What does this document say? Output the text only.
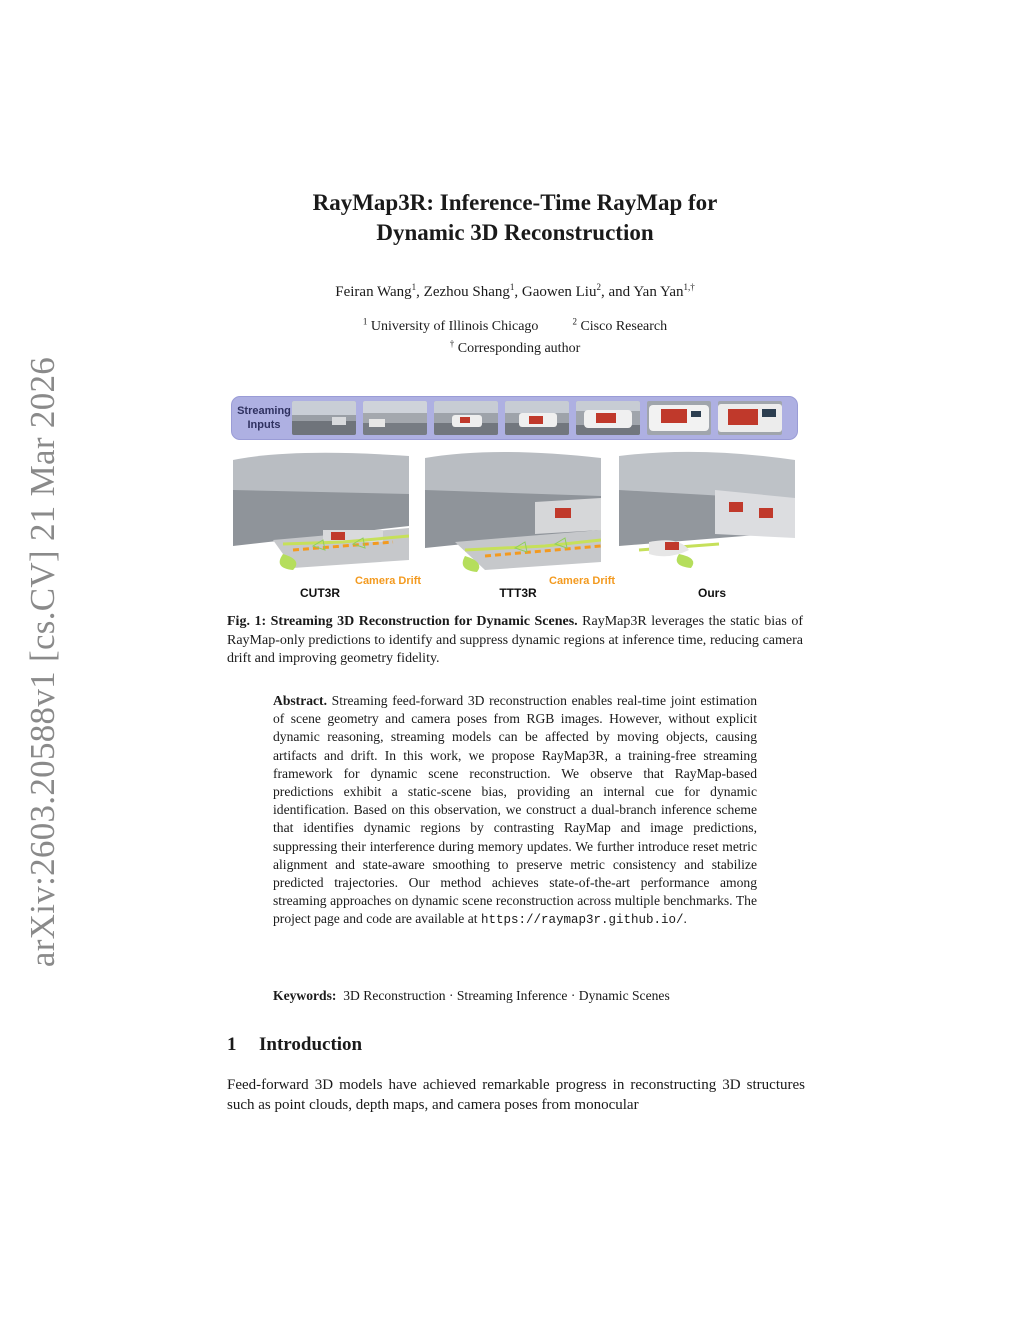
arXiv:2603.20588v1 [cs.CV] 21 Mar 2026
RayMap3R: Inference-Time RayMap for
Dynamic 3D Reconstruction
Feiran Wang$^1$, Zezhou Shang$^1$, Gaowen Liu$^2$, and Yan Yan$^{1,\dagger}$
$^1$ University of Illinois Chicago	$^2$ Cisco Research
† Corresponding author
Streaming
Inputs
Camera Drift	Camera Drift
CUT3R	TTT3R	Ours
Fig. 1: Streaming 3D Reconstruction for Dynamic Scenes. RayMap3R leverages the static bias of RayMap-only predictions to identify and suppress dynamic regions at inference time, reducing camera drift and improving geometry fidelity.
Abstract. Streaming feed-forward 3D reconstruction enables real-time joint estimation of scene geometry and camera poses from RGB images. However, without explicit dynamic reasoning, streaming models can be affected by moving objects, causing artifacts and drift. In this work, we propose RayMap3R, a training-free streaming framework for dynamic scene reconstruction. We observe that RayMap-based predictions exhibit a static-scene bias, providing an internal cue for dynamic identification. Based on this observation, we construct a dual-branch inference scheme that identifies dynamic regions by contrasting RayMap and image predictions, suppressing their interference during memory updates. We further introduce reset metric alignment and state-aware smoothing to preserve metric consistency and stabilize predicted trajectories. Our method achieves state-of-the-art performance among streaming approaches on dynamic scene reconstruction across multiple benchmarks. The project page and code are available at https://raymap3r.github.io/.
Keywords: 3D Reconstruction · Streaming Inference · Dynamic Scenes
1 Introduction
Feed-forward 3D models have achieved remarkable progress in reconstructing 3D structures such as point clouds, depth maps, and camera poses from monocular
